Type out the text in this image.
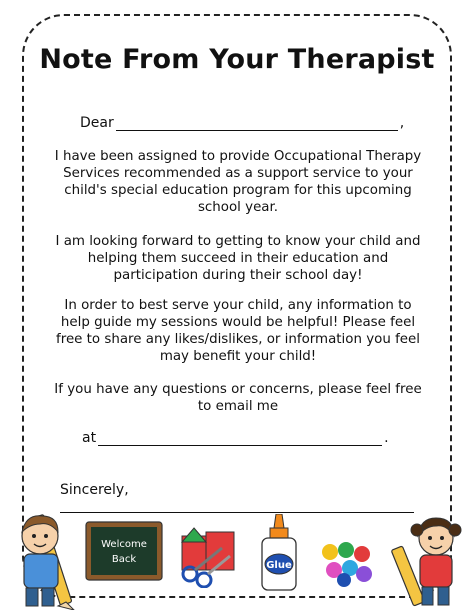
Note From Your Therapist
Dear	,
I have been assigned to provide Occupational Therapy Services recommended as a support service to your child's special education program for this upcoming school year.
I am looking forward to getting to know your child and helping them succeed in their education and participation during their school day!
In order to best serve your child, any information to help guide my sessions would be helpful! Please feel free to share any likes/dislikes, or information you feel may benefit your child!
If you have any questions or concerns, please feel free to email me
at	.
Sincerely,
Welcome
Back
Glue
